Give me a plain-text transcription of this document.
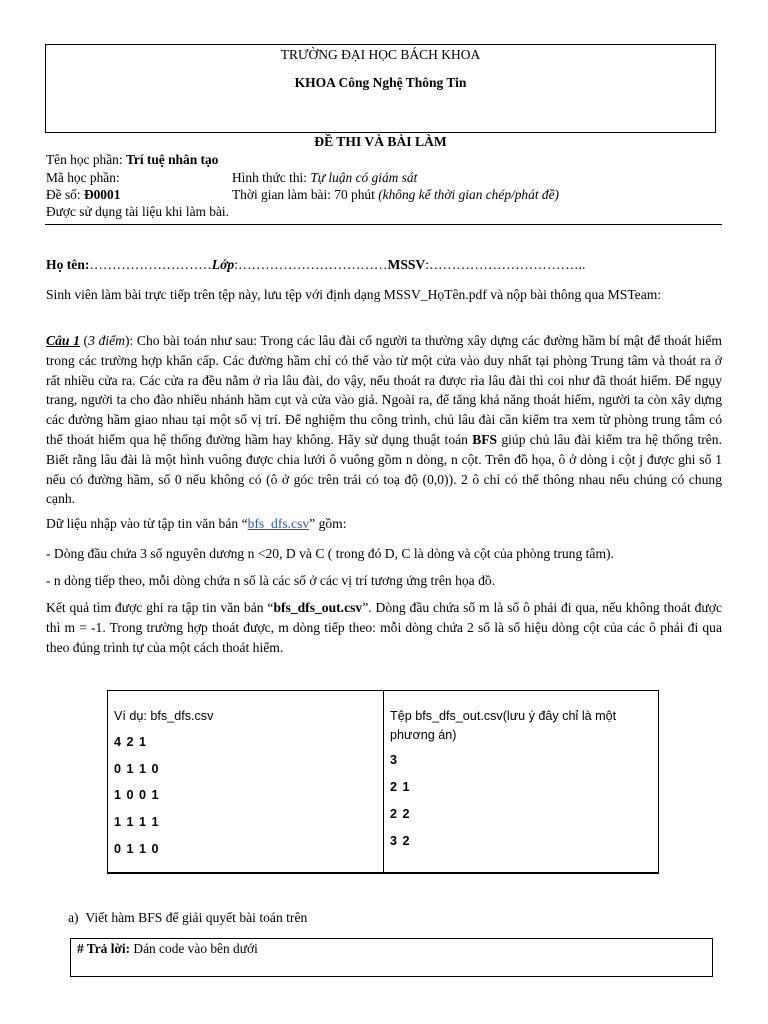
TRƯỜNG ĐẠI HỌC BÁCH KHOA
KHOA Công Nghệ Thông Tin
ĐỀ THI VÀ BÀI LÀM
Tên học phần: Trí tuệ nhân tạo
Mã học phần:	Hình thức thi: Tự luận có giám sát
Đề số: Đ0001	Thời gian làm bài: 70 phút (không kể thời gian chép/phát đề)
Được sử dụng tài liệu khi làm bài.
Họ tên:………………………Lớp:……………………………MSSV:……………………………..
Sinh viên làm bài trực tiếp trên tệp này, lưu tệp với định dạng MSSV_HọTên.pdf và nộp bài thông qua MSTeam:
Câu 1 (3 điểm): Cho bài toán như sau: Trong các lâu đài cổ người ta thường xây dựng các đường hầm bí mật để thoát hiểm trong các trường hợp khẩn cấp. Các đường hầm chỉ có thể vào từ một cửa vào duy nhất tại phòng Trung tâm và thoát ra ở rất nhiều cửa ra. Các cửa ra đều nằm ở rìa lâu đài, do vậy, nếu thoát ra được rìa lâu đài thì coi như đã thoát hiểm. Để ngụy trang, người ta cho đào nhiều nhánh hầm cụt và cửa vào giả. Ngoài ra, để tăng khả năng thoát hiểm, người ta còn xây dựng các đường hầm giao nhau tại một số vị trí. Để nghiệm thu công trình, chủ lâu đài cần kiểm tra xem từ phòng trung tâm có thể thoát hiểm qua hệ thống đường hầm hay không. Hãy sử dụng thuật toán BFS giúp chủ lâu đài kiểm tra hệ thống trên. Biết rằng lâu đài là một hình vuông được chia lưới ô vuông gồm n dòng, n cột. Trên đồ họa, ô ở dòng i cột j được ghi số 1 nếu có đường hầm, số 0 nếu không có (ô ở góc trên trái có toạ độ (0,0)). 2 ô chỉ có thể thông nhau nếu chúng có chung cạnh.
Dữ liệu nhập vào từ tập tin văn bản “bfs_dfs.csv” gồm:
- Dòng đầu chứa 3 số nguyên dương n <20, D và C ( trong đó D, C là dòng và cột của phòng trung tâm).
- n dòng tiếp theo, mỗi dòng chứa n số là các số ở các vị trí tương ứng trên họa đồ.
Kết quả tìm được ghi ra tập tin văn bản “bfs_dfs_out.csv”. Dòng đầu chứa số m là số ô phải đi qua, nếu không thoát được thì m = -1. Trong trường hợp thoát được, m dòng tiếp theo: mỗi dòng chứa 2 số là số hiệu dòng cột của các ô phải đi qua theo đúng trình tự của một cách thoát hiểm.
Ví dụ: bfs_dfs.csv
4 2 1
0 1 1 0
1 0 0 1
1 1 1 1
0 1 1 0
Tệp bfs_dfs_out.csv(lưu ý đây chỉ là một phương án)
3
2 1
2 2
3 2
a) Viết hàm BFS để giải quyết bài toán trên
# Trả lời: Dán code vào bên dưới
